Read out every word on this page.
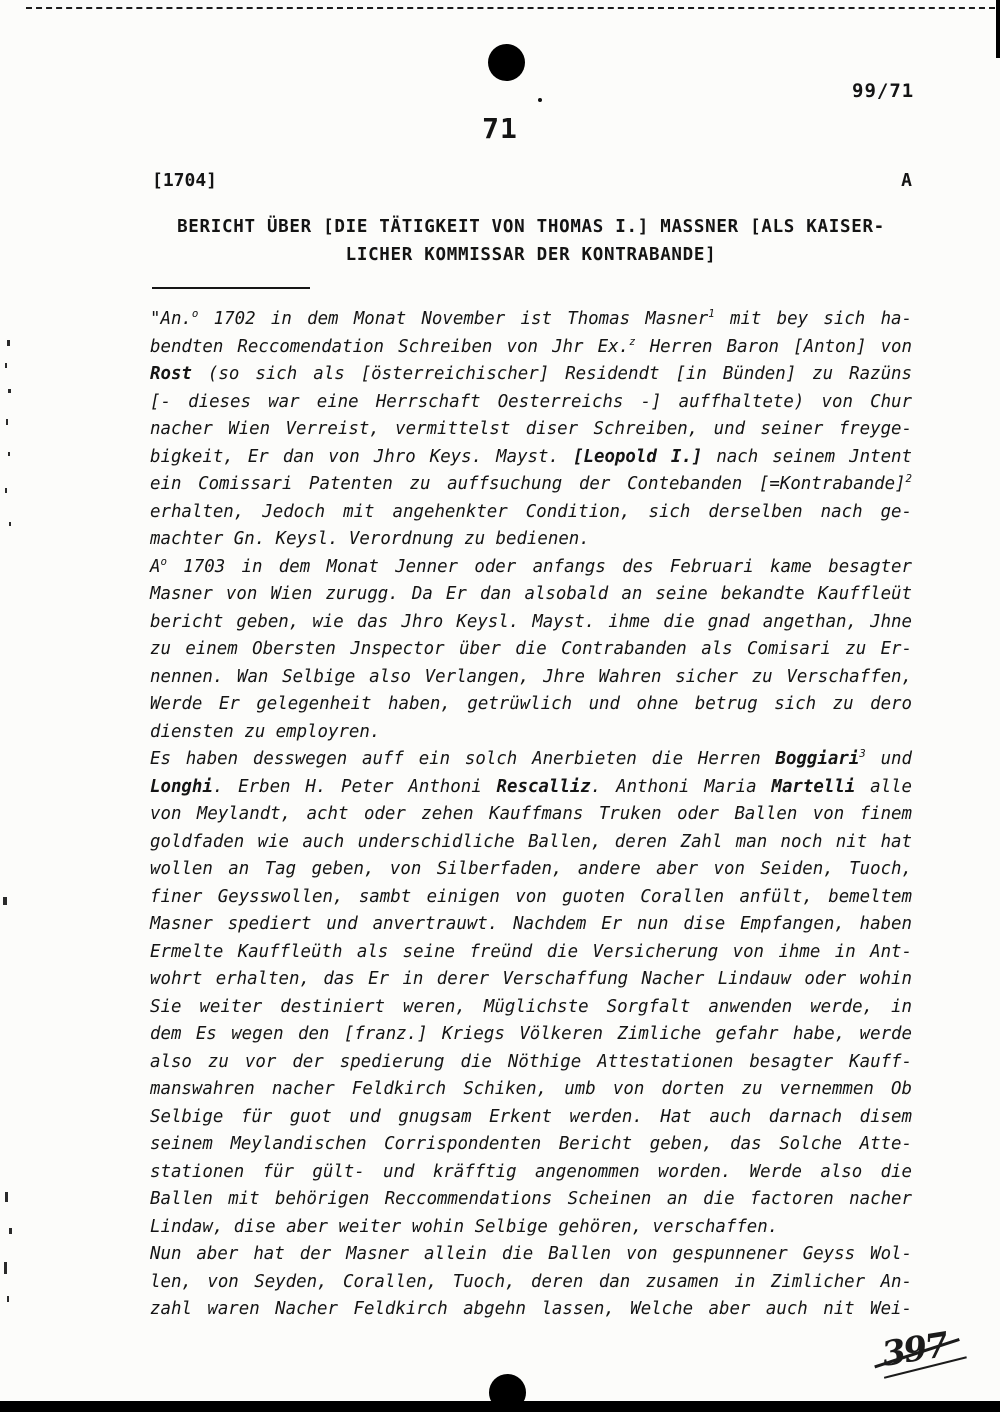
99/71
71
[1704]	A
BERICHT ÜBER [DIE TÄTIGKEIT VON THOMAS I.] MASSNER [ALS KAISER-
LICHER KOMMISSAR DER KONTRABANDE]
"An.$^o$ 1702 in dem Monat November ist Thomas Masner$^1$ mit bey sich ha-
bendten Reccomendation Schreiben von Jhr Ex.$^z$ Herren Baron [Anton] von
Rost (so sich als [österreichischer] Residendt [in Bünden] zu Razüns
[- dieses war eine Herrschaft Oesterreichs -] auffhaltete) von Chur
nacher Wien Verreist, vermittelst diser Schreiben, und seiner freyge-
bigkeit, Er dan von Jhro Keys. Mayst. [Leopold I.] nach seinem Jntent
ein Comissari Patenten zu auffsuchung der Contebanden [=Kontrabande]$^2$
erhalten, Jedoch mit angehenkter Condition, sich derselben nach ge-
machter Gn. Keysl. Verordnung zu bedienen.
$A^o$ 1703 in dem Monat Jenner oder anfangs des Februari kame besagter
Masner von Wien zurugg. Da Er dan alsobald an seine bekandte Kauffleüt
bericht geben, wie das Jhro Keysl. Mayst. ihme die gnad angethan, Jhne
zu einem Obersten Jnspector über die Contrabanden als Comisari zu Er-
nennen. Wan Selbige also Verlangen, Jhre Wahren sicher zu Verschaffen,
Werde Er gelegenheit haben, getrüwlich und ohne betrug sich zu dero
diensten zu employren.
Es haben desswegen auff ein solch Anerbieten die Herren Boggiari$^3$ und
Longhi. Erben H. Peter Anthoni Rescalliz. Anthoni Maria Martelli alle
von Meylandt, acht oder zehen Kauffmans Truken oder Ballen von finem
goldfaden wie auch underschidliche Ballen, deren Zahl man noch nit hat
wollen an Tag geben, von Silberfaden, andere aber von Seiden, Tuoch,
finer Geysswollen, sambt einigen von guoten Corallen anfült, bemeltem
Masner spediert und anvertrauwt. Nachdem Er nun dise Empfangen, haben
Ermelte Kauffleüth als seine freünd die Versicherung von ihme in Ant-
wohrt erhalten, das Er in derer Verschaffung Nacher Lindauw oder wohin
Sie weiter destiniert weren, Müglichste Sorgfalt anwenden werde, in
dem Es wegen den [franz.] Kriegs Völkeren Zimliche gefahr habe, werde
also zu vor der spedierung die Nöthige Attestationen besagter Kauff-
manswahren nacher Feldkirch Schiken, umb von dorten zu vernemmen Ob
Selbige für guot und gnugsam Erkent werden. Hat auch darnach disem
seinem Meylandischen Corrispondenten Bericht geben, das Solche Atte-
stationen für gült- und kräfftig angenommen worden. Werde also die
Ballen mit behörigen Reccommendations Scheinen an die factoren nacher
Lindaw, dise aber weiter wohin Selbige gehören, verschaffen.
Nun aber hat der Masner allein die Ballen von gespunnener Geyss Wol-
len, von Seyden, Corallen, Tuoch, deren dan zusamen in Zimlicher An-
zahl waren Nacher Feldkirch abgehn lassen, Welche aber auch nit Wei-
397
